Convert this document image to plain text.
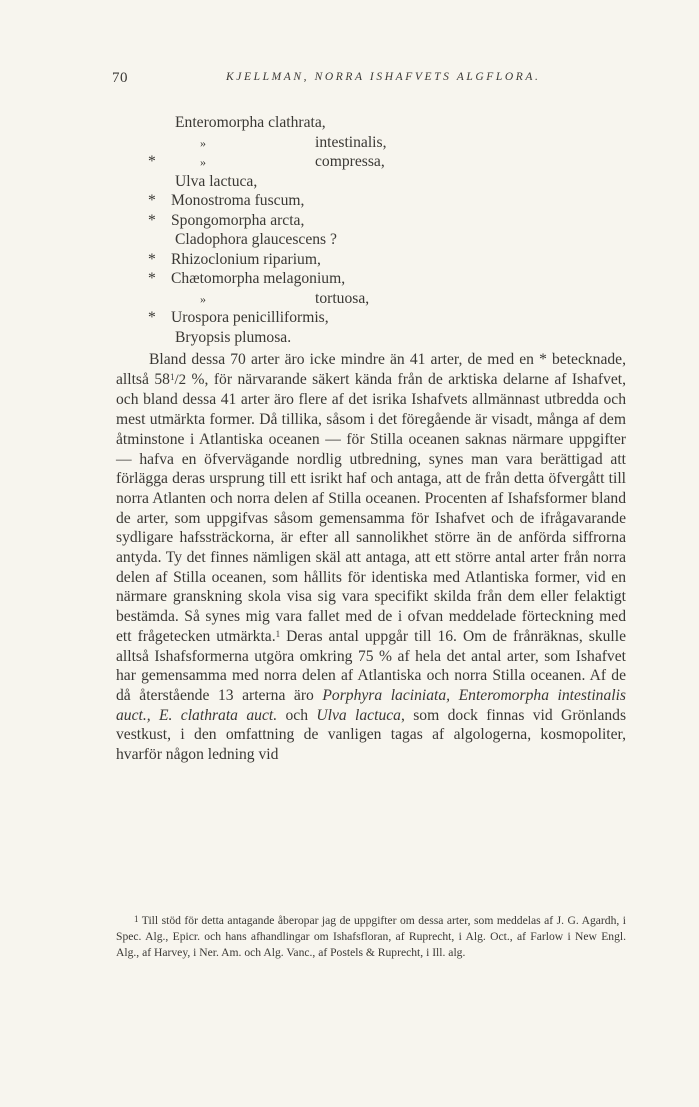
70	KJELLMAN, NORRA ISHAFVETS ALGFLORA.
Enteromorpha clathrata,
»	intestinalis,
*	»	compressa,
Ulva lactuca,
* Monostroma fuscum,
* Spongomorpha arcta,
Cladophora glaucescens ?
* Rhizoclonium riparium,
* Chætomorpha melagonium,
»	tortuosa,
* Urospora penicilliformis,
Bryopsis plumosa.

Bland dessa 70 arter äro icke mindre än 41 arter, de med en * betecknade, alltså $58^1/2$ %, för närvarande säkert kända från de arktiska delarne af Ishafvet, och bland dessa 41 arter äro flere af det isrika Ishafvets allmännast utbredda och mest utmärkta former. Då tillika, såsom i det föregående är visadt, många af dem åtminstone i Atlantiska oceanen — för Stilla oceanen saknas närmare uppgifter — hafva en öfvervägande nordlig utbredning, synes man vara berättigad att förlägga deras ursprung till ett isrikt haf och antaga, att de från detta öfvergått till norra Atlanten och norra delen af Stilla oceanen. Procenten af Ishafsformer bland de arter, som uppgifvas såsom gemensamma för Ishafvet och de ifrågavarande sydligare hafssträckorna, är efter all sannolikhet större än de anförda siffrorna antyda. Ty det finnes nämligen skäl att antaga, att ett större antal arter från norra delen af Stilla oceanen, som hållits för identiska med Atlantiska former, vid en närmare granskning skola visa sig vara specifikt skilda från dem eller felaktigt bestämda. Så synes mig vara fallet med de i ofvan meddelade förteckning med ett frågetecken utmärkta.$^1$ Deras antal uppgår till 16. Om de frånräknas, skulle alltså Ishafsformerna utgöra omkring 75 % af hela det antal arter, som Ishafvet har gemensamma med norra delen af Atlantiska och norra Stilla oceanen. Af de då återstående 13 arterna äro Porphyra laciniata, Enteromorpha intestinalis auct., E. clathrata auct. och Ulva lactuca, som dock finnas vid Grönlands vestkust, i den omfattning de vanligen tagas af algologerna, kosmopoliter, hvarför någon ledning vid

$^1$ Till stöd för detta antagande åberopar jag de uppgifter om dessa arter, som meddelas af J. G. Agardh, i Spec. Alg., Epicr. och hans afhandlingar om Ishafsfloran, af Ruprecht, i Alg. Oct., af Farlow i New Engl. Alg., af Harvey, i Ner. Am. och Alg. Vanc., af Postels & Ruprecht, i Ill. alg.
